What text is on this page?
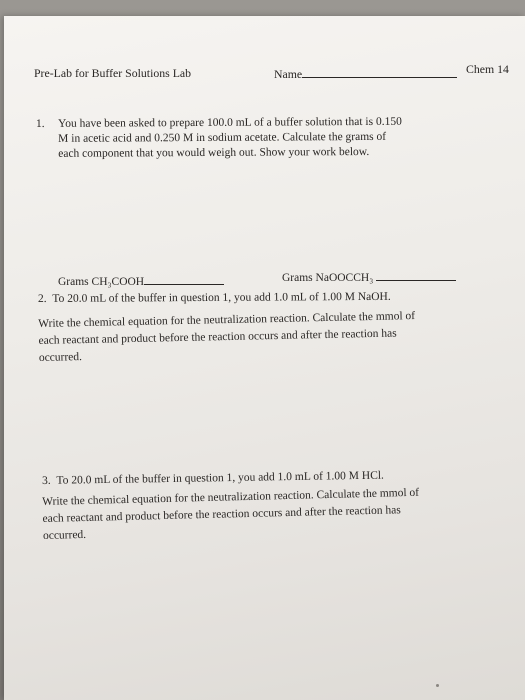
Pre-Lab for Buffer Solutions Lab	Name	Chem 14
1. You have been asked to prepare 100.0 mL of a buffer solution that is 0.150
M in acetic acid and 0.250 M in sodium acetate. Calculate the grams of
each component that you would weigh out. Show your work below.
Grams CH₃COOH	Grams NaOOCCH₃
2. To 20.0 mL of the buffer in question 1, you add 1.0 mL of 1.00 M NaOH.
Write the chemical equation for the neutralization reaction. Calculate the mmol of
each reactant and product before the reaction occurs and after the reaction has
occurred.
3. To 20.0 mL of the buffer in question 1, you add 1.0 mL of 1.00 M HCl.
Write the chemical equation for the neutralization reaction. Calculate the mmol of
each reactant and product before the reaction occurs and after the reaction has
occurred.
